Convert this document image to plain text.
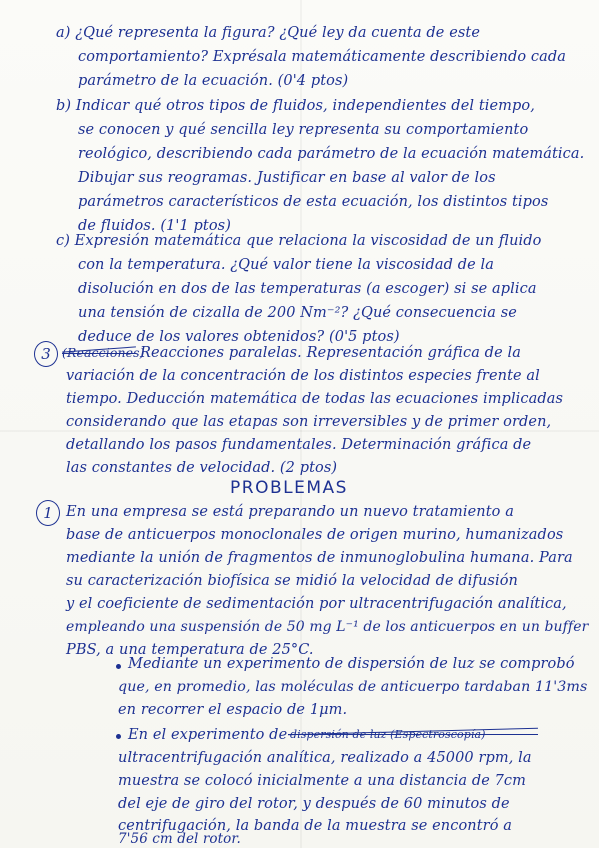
a) ¿Qué representa la figura? ¿Qué ley da cuenta de este
comportamiento? Exprésala matemáticamente describiendo cada
parámetro de la ecuación. (0'4 ptos)
b) Indicar qué otros tipos de fluidos, independientes del tiempo,
se conocen y qué sencilla ley representa su comportamiento
reológico, describiendo cada parámetro de la ecuación matemática.
Dibujar sus reogramas. Justificar en base al valor de los
parámetros característicos de esta ecuación, los distintos tipos
de fluidos. (1'1 ptos)
c) Expresión matemática que relaciona la viscosidad de un fluido
con la temperatura. ¿Qué valor tiene la viscosidad de la
disolución en dos de las temperaturas (a escoger) si se aplica
una tensión de cizalla de 200 Nm⁻²? ¿Qué consecuencia se
deduce de los valores obtenidos? (0'5 ptos)
3 (Reacciones)
Reacciones paralelas. Representación gráfica de la
variación de la concentración de los distintos especies frente al
tiempo. Deducción matemática de todas las ecuaciones implicadas
considerando que las etapas son irreversibles y de primer orden,
detallando los pasos fundamentales. Determinación gráfica de
las constantes de velocidad. (2 ptos)
PROBLEMAS
1 En una empresa se está preparando un nuevo tratamiento a
base de anticuerpos monoclonales de origen murino, humanizados
mediante la unión de fragmentos de inmunoglobulina humana. Para
su caracterización biofísica se midió la velocidad de difusión
y el coeficiente de sedimentación por ultracentrifugación analítica,
empleando una suspensión de 50 mg L⁻¹ de los anticuerpos en un buffer
PBS, a una temperatura de 25°C.
Mediante un experimento de dispersión de luz se comprobó
que, en promedio, las moléculas de anticuerpo tardaban 11'3ms
en recorrer el espacio de 1μm.
En el experimento de dispersión de luz (Espectroscopía)
ultracentrifugación analítica, realizado a 45000 rpm, la
muestra se colocó inicialmente a una distancia de 7cm
del eje de giro del rotor, y después de 60 minutos de
centrifugación, la banda de la muestra se encontró a
7'56 cm del rotor.
